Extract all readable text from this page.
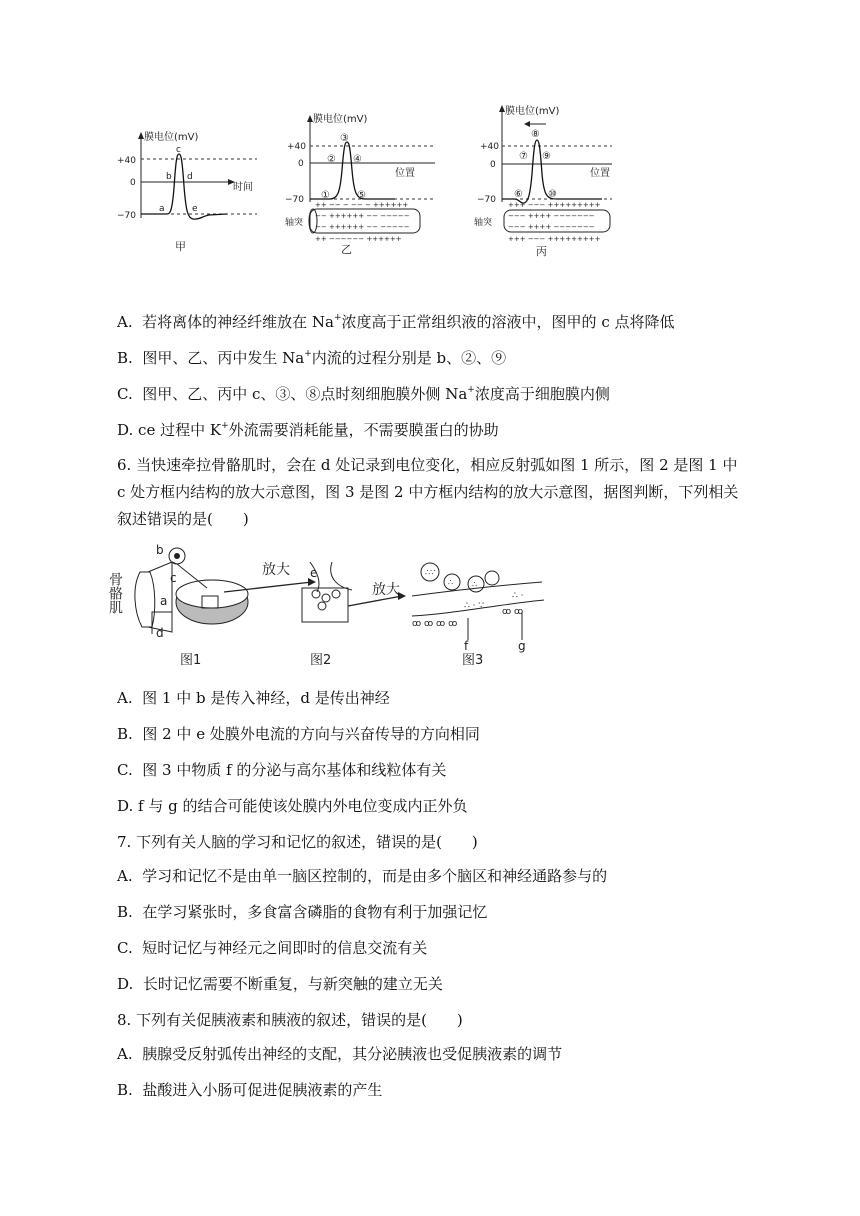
膜电位(mV)
时间
+40
0
−70
a
b
c
d
e
甲
膜电位(mV)
位置
+40
0
−70 ①
②
③
④
⑤
++ −− − −− − ++++++
−− ++++++ −− −−−−−
−− ++++++ −− −−−−−
++ −−−−−− ++++++
轴突
乙
膜电位(mV)
位置
+40
0
−70 ⑥
⑦
⑧
⑨
⑩
+++ −−− +++++++++
−−− ++++ −−−−−−−
−−− ++++ −−−−−−−
+++ −−− +++++++++
轴突
丙
A. 若将离体的神经纤维放在 Na+浓度高于正常组织液的溶液中，图甲的 c 点将降低
B. 图甲、乙、丙中发生 Na+内流的过程分别是 b、②、⑨
C. 图甲、乙、丙中 c、③、⑧点时刻细胞膜外侧 Na+浓度高于细胞膜内侧
D. ce 过程中 K+外流需要消耗能量，不需要膜蛋白的协助
6. 当快速牵拉骨骼肌时，会在 d 处记录到电位变化，相应反射弧如图 1 所示，图 2 是图 1 中 c 处方框内结构的放大示意图，图 3 是图 2 中方框内结构的放大示意图，据图判断，下列相关叙述错误的是(　　)
骨骼肌
b
c
a
d
放大 e
放大
∴∵
∴ ∴
∴ · ∵
∴ ·
ꝏ ꝏ ꝏ ꝏ
ꝏ ꝏ
f	g
图1	图2	图3
A. 图 1 中 b 是传入神经，d 是传出神经
B. 图 2 中 e 处膜外电流的方向与兴奋传导的方向相同
C. 图 3 中物质 f 的分泌与高尔基体和线粒体有关
D. f 与 g 的结合可能使该处膜内外电位变成内正外负
7. 下列有关人脑的学习和记忆的叙述，错误的是(　　)
A. 学习和记忆不是由单一脑区控制的，而是由多个脑区和神经通路参与的
B. 在学习紧张时，多食富含磷脂的食物有利于加强记忆
C. 短时记忆与神经元之间即时的信息交流有关
D. 长时记忆需要不断重复，与新突触的建立无关
8. 下列有关促胰液素和胰液的叙述，错误的是(　　)
A. 胰腺受反射弧传出神经的支配，其分泌胰液也受促胰液素的调节
B. 盐酸进入小肠可促进促胰液素的产生
